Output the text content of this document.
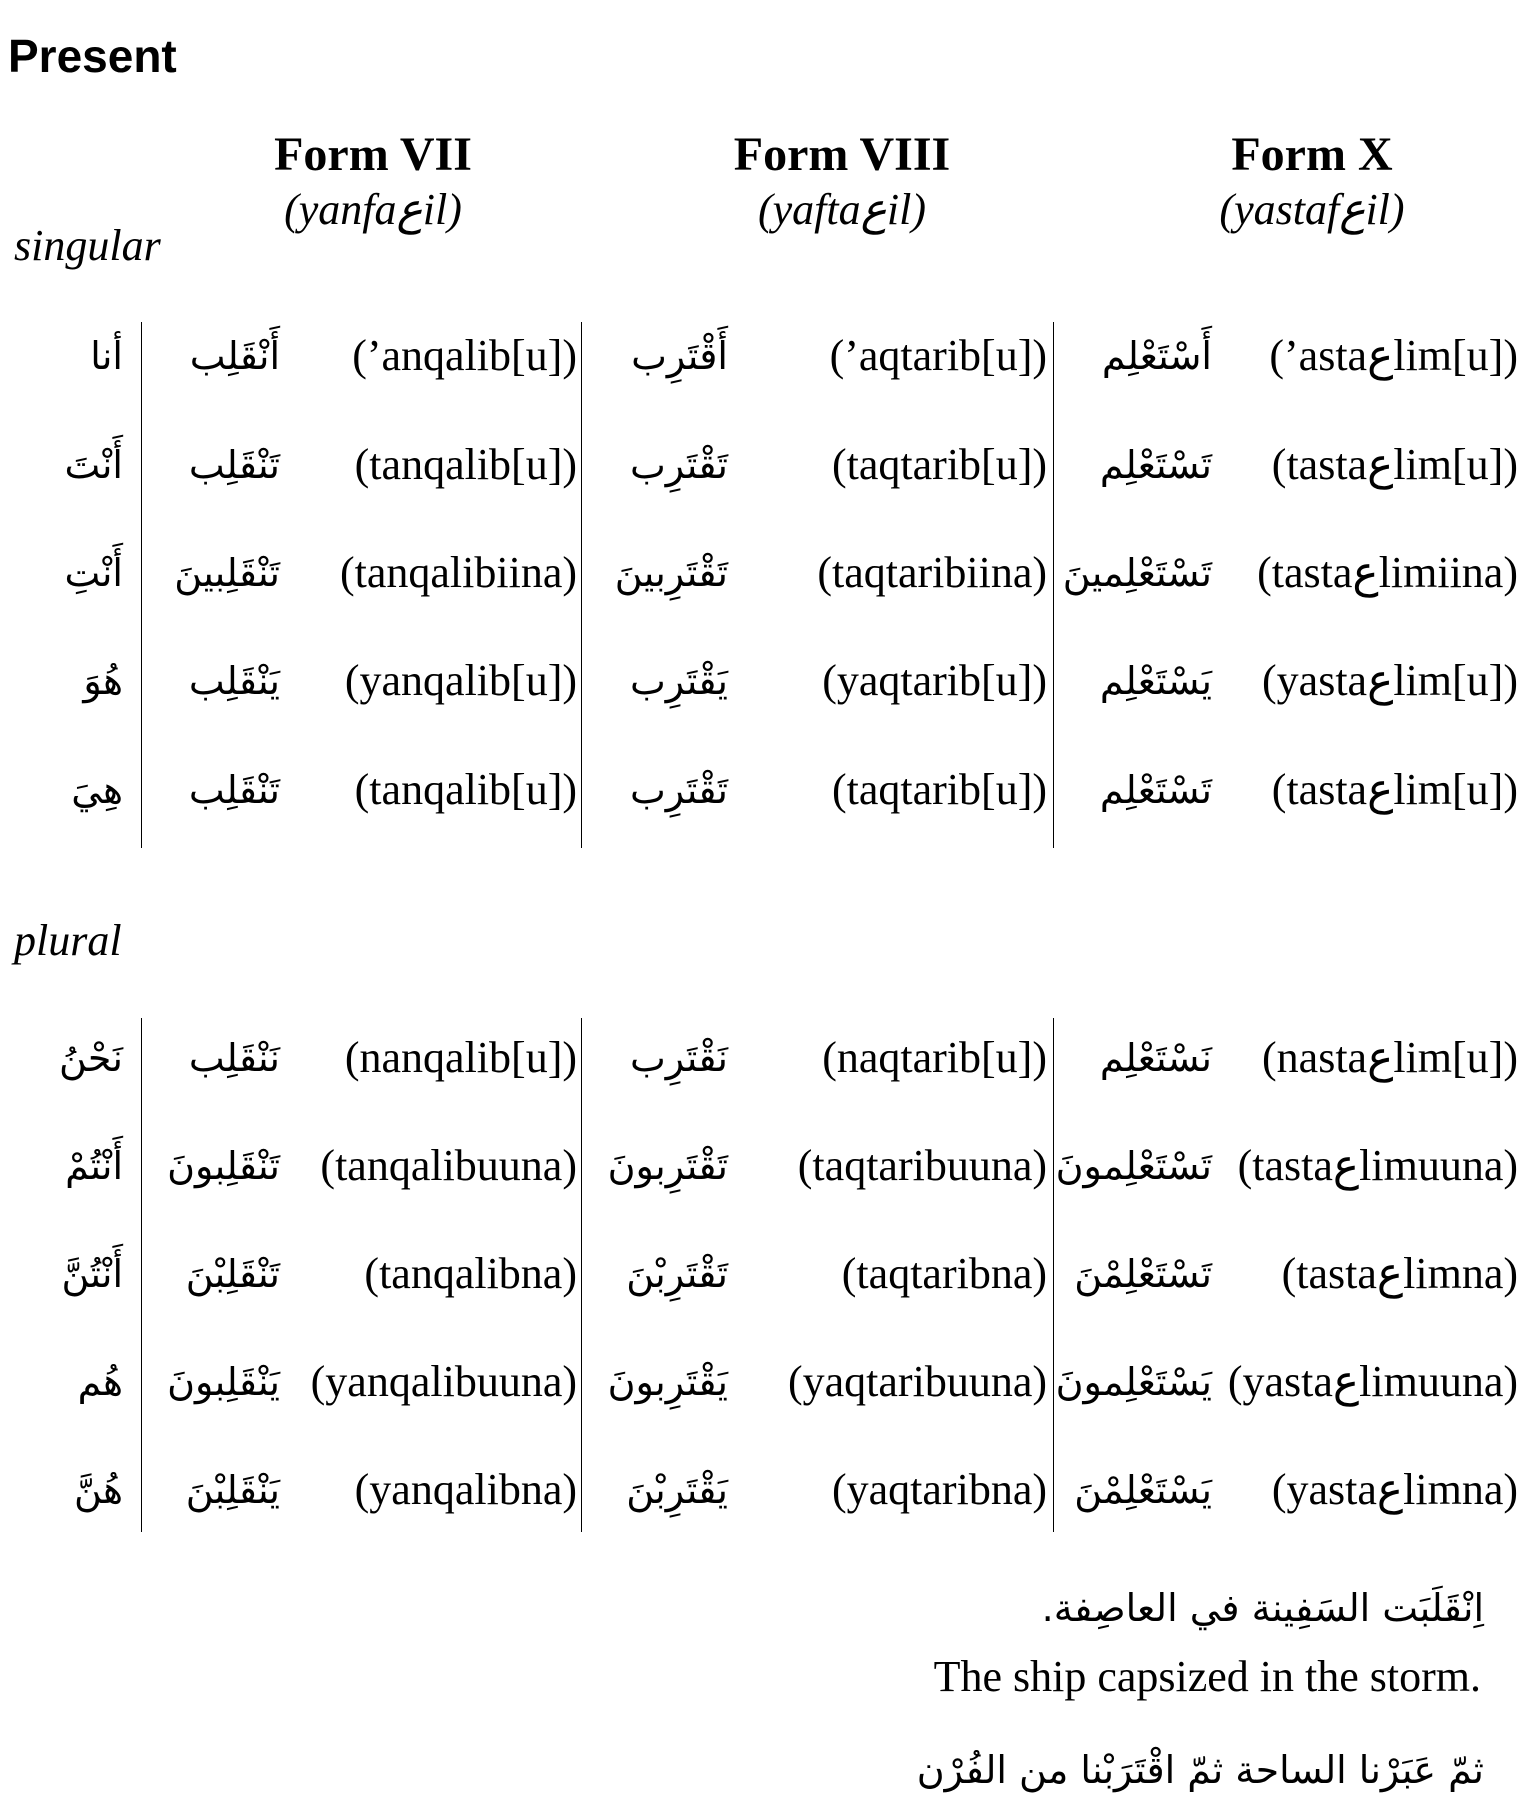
Present
Form VII
(yanfaعil)
Form VIII
(yaftaعil)
Form X
(yastafعil)
singular
plural
أنا أَنْقَلِب (’anqalib[u]) أَقْتَرِب (’aqtarib[u]) أَسْتَعْلِم (’astaعlim[u])
أَنْتَ تَنْقَلِب (tanqalib[u]) تَقْتَرِب (taqtarib[u]) تَسْتَعْلِم (tastaعlim[u])
أَنْتِ تَنْقَلِبينَ (tanqalibiina) تَقْتَرِبينَ (taqtaribiina) تَسْتَعْلِمينَ (tastaعlimiina)
هُوَ يَنْقَلِب (yanqalib[u]) يَقْتَرِب (yaqtarib[u]) يَسْتَعْلِم (yastaعlim[u])
هِيَ تَنْقَلِب (tanqalib[u]) تَقْتَرِب (taqtarib[u]) تَسْتَعْلِم (tastaعlim[u])
نَحْنُ نَنْقَلِب (nanqalib[u]) نَقْتَرِب (naqtarib[u]) نَسْتَعْلِم (nastaعlim[u])
أَنْتُمْ تَنْقَلِبونَ (tanqalibuuna) تَقْتَرِبونَ (taqtaribuuna) تَسْتَعْلِمونَ (tastaعlimuuna)
أَنْتُنَّ تَنْقَلِبْنَ (tanqalibna) تَقْتَرِبْنَ	(taqtaribna) تَسْتَعْلِمْنَ (tastaعlimna)
هُم يَنْقَلِبونَ (yanqalibuuna) يَقْتَرِبونَ (yaqtaribuuna) يَسْتَعْلِمونَ (yastaعlimuuna)
هُنَّ يَنْقَلِبْنَ (yanqalibna) يَقْتَرِبْنَ (yaqtaribna) يَسْتَعْلِمْنَ (yastaعlimna)
اِنْقَلَبَت السَفِينة في العاصِفة.
The ship capsized in the storm.
ثمّ عَبَرْنا الساحة ثمّ اقْتَرَبْنا من الفُرْن
